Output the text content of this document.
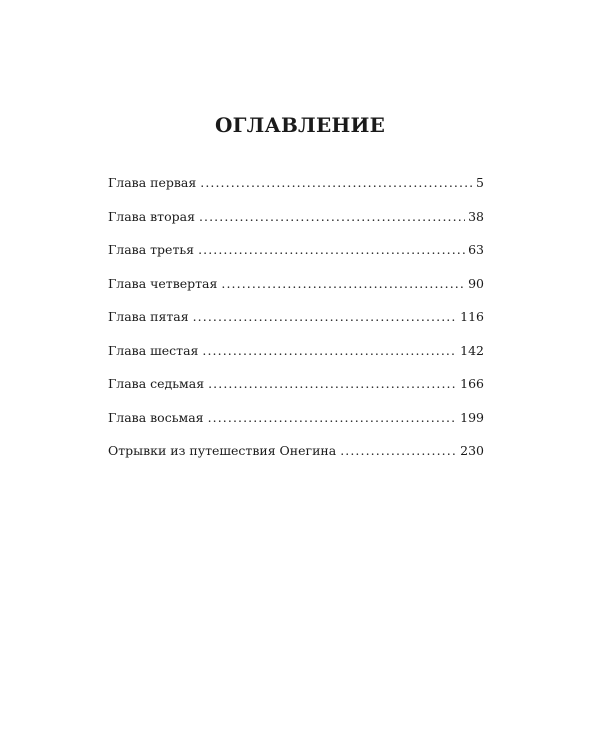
ОГЛАВЛЕНИЕ
Глава первая .....	5
Глава вторая .....	38
Глава третья .....	63
Глава четвертая .....	90
Глава пятая .....	116
Глава шестая .....	142
Глава седьмая .....	166
Глава восьмая .....	199
Отрывки из путешествия Онегина .....	230
